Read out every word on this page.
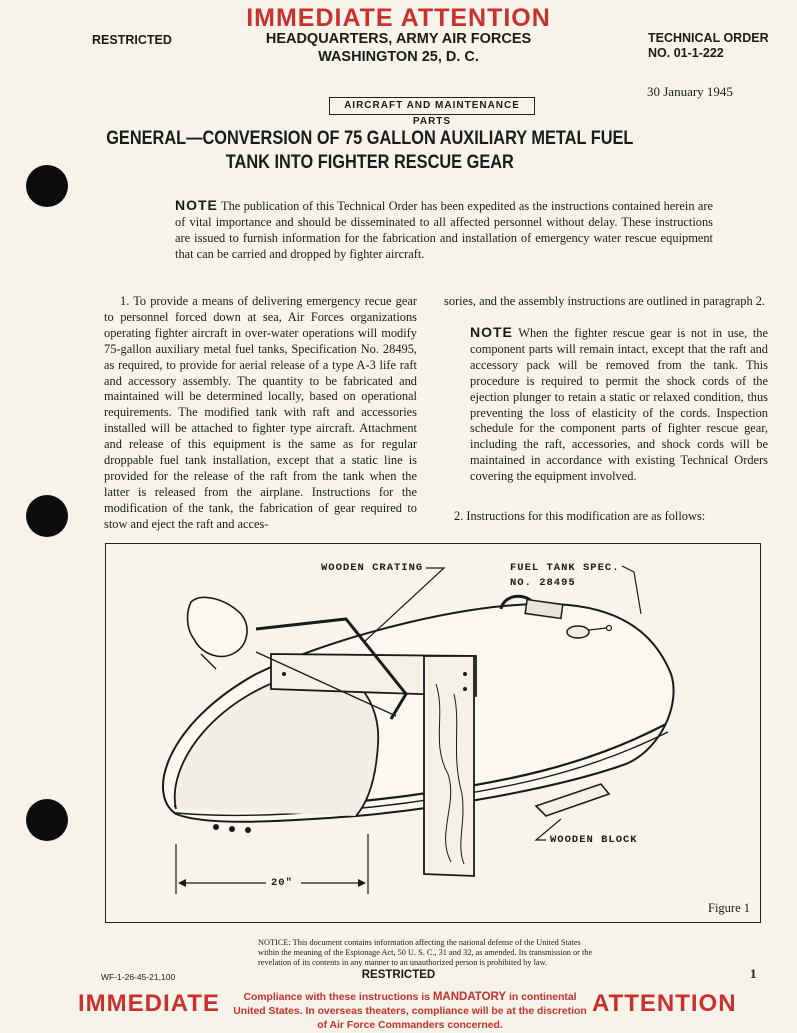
IMMEDIATE ATTENTION
RESTRICTED	HEADQUARTERS, ARMY AIR FORCES
WASHINGTON 25, D. C.
TECHNICAL ORDER
NO. 01-1-222
30 January 1945
AIRCRAFT AND MAINTENANCE PARTS
GENERAL—CONVERSION OF 75 GALLON AUXILIARY METAL FUEL
TANK INTO FIGHTER RESCUE GEAR
NOTE The publication of this Technical Order has been expedited as the instructions contained herein are of vital importance and should be disseminated to all affected personnel without delay. These instructions are issued to furnish information for the fabrication and installation of emergency water rescue equipment that can be carried and dropped by fighter aircraft.
1. To provide a means of delivering emergency recue gear to personnel forced down at sea, Air Forces organizations operating fighter aircraft in over-water operations will modify 75-gallon auxiliary metal fuel tanks, Specification No. 28495, as required, to provide for aerial release of a type A-3 life raft and accessory assembly. The quantity to be fabricated and maintained will be determined locally, based on operational requirements. The modified tank with raft and accessories installed will be attached to fighter type aircraft. Attachment and release of this equipment is the same as for regular droppable fuel tank installation, except that a static line is provided for the release of the raft from the tank when the latter is released from the airplane. Instructions for the modification of the tank, the fabrication of gear required to stow and eject the raft and acces-
sories, and the assembly instructions are outlined in paragraph 2.
NOTE When the fighter rescue gear is not in use, the component parts will remain intact, except that the raft and accessory pack will be removed from the tank. This procedure is required to permit the shock cords of the ejection plunger to retain a static or relaxed condition, thus preventing the loss of elasticity of the cords. Inspection schedule for the component parts of fighter rescue gear, including the raft, accessories, and shock cords will be maintained in accordance with existing Technical Orders covering the equipment involved.
2. Instructions for this modification are as follows:
WOODEN CRATING	FUEL TANK SPEC.
NO. 28495
WOODEN BLOCK
20"
Figure 1
NOTICE: This document contains information affecting the national defense of the United States within the meaning of the Espionage Act, 50 U. S. C., 31 and 32, as amended. Its transmission or the revelation of its contents in any manner to an unauthorized person is prohibited by law.
WF-1-26-45-21,100	RESTRICTED	1
IMMEDIATE	Compliance with these instructions is MANDATORY in continental United States. In overseas theaters, compliance will be at the discretion of Air Force Commanders concerned.
ATTENTION
